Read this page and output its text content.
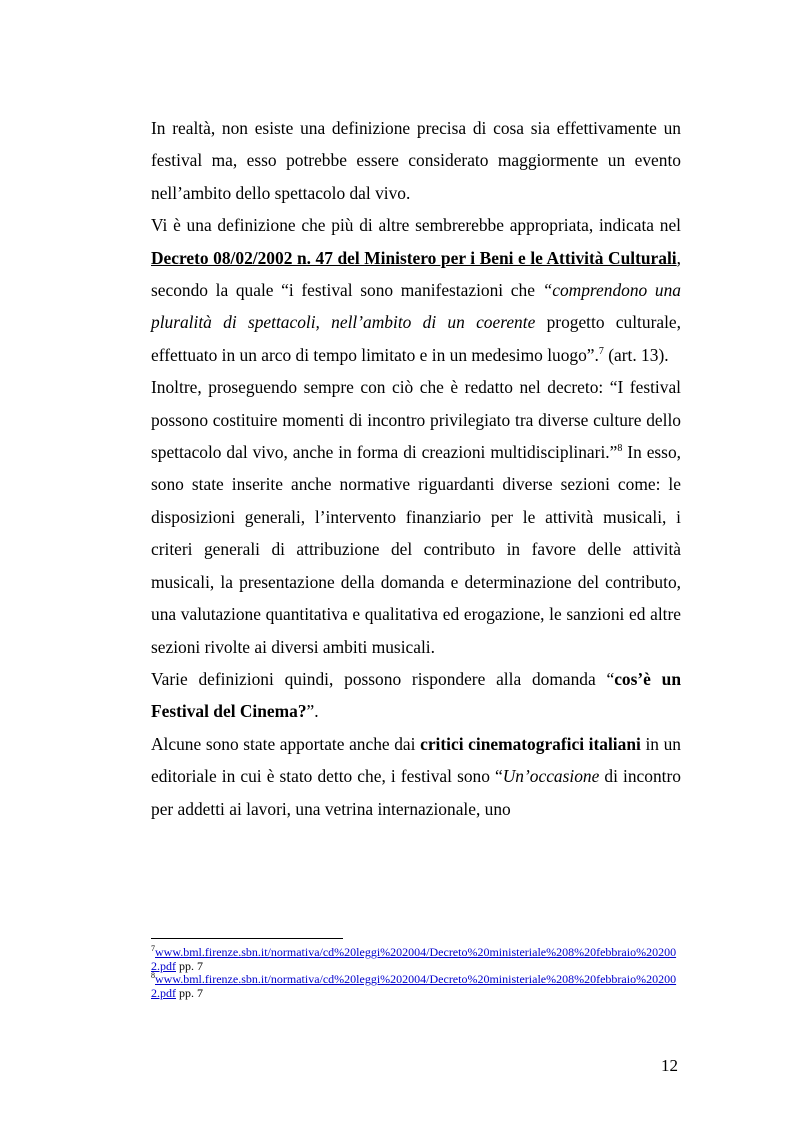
In realtà, non esiste una definizione precisa di cosa sia effettivamente un festival ma, esso potrebbe essere considerato maggiormente un evento nell’ambito dello spettacolo dal vivo.

Vi è una definizione che più di altre sembrerebbe appropriata, indicata nel Decreto 08/02/2002 n. 47 del Ministero per i Beni e le Attività Culturali, secondo la quale “i festival sono manifestazioni che “comprendono una pluralità di spettacoli, nell’ambito di un coerente progetto culturale, effettuato in un arco di tempo limitato e in un medesimo luogo”.$^7$ (art. 13).

Inoltre, proseguendo sempre con ciò che è redatto nel decreto: “I festival possono costituire momenti di incontro privilegiato tra diverse culture dello spettacolo dal vivo, anche in forma di creazioni multidisciplinari.”$^8$ In esso, sono state inserite anche normative riguardanti diverse sezioni come: le disposizioni generali, l’intervento finanziario per le attività musicali, i criteri generali di attribuzione del contributo in favore delle attività musicali, la presentazione della domanda e determinazione del contributo, una valutazione quantitativa e qualitativa ed erogazione, le sanzioni ed altre sezioni rivolte ai diversi ambiti musicali.

Varie definizioni quindi, possono rispondere alla domanda “cos’è un Festival del Cinema?”.

Alcune sono state apportate anche dai critici cinematografici italiani in un editoriale in cui è stato detto che, i festival sono “Un’occasione di incontro per addetti ai lavori, una vetrina internazionale, uno

$^7$www.bml.firenze.sbn.it/normativa/cd%20leggi%202004/Decreto%20ministeriale%208%20febbraio%202002.pdf pp. 7

$^8$www.bml.firenze.sbn.it/normativa/cd%20leggi%202004/Decreto%20ministeriale%208%20febbraio%202002.pdf pp. 7

12
